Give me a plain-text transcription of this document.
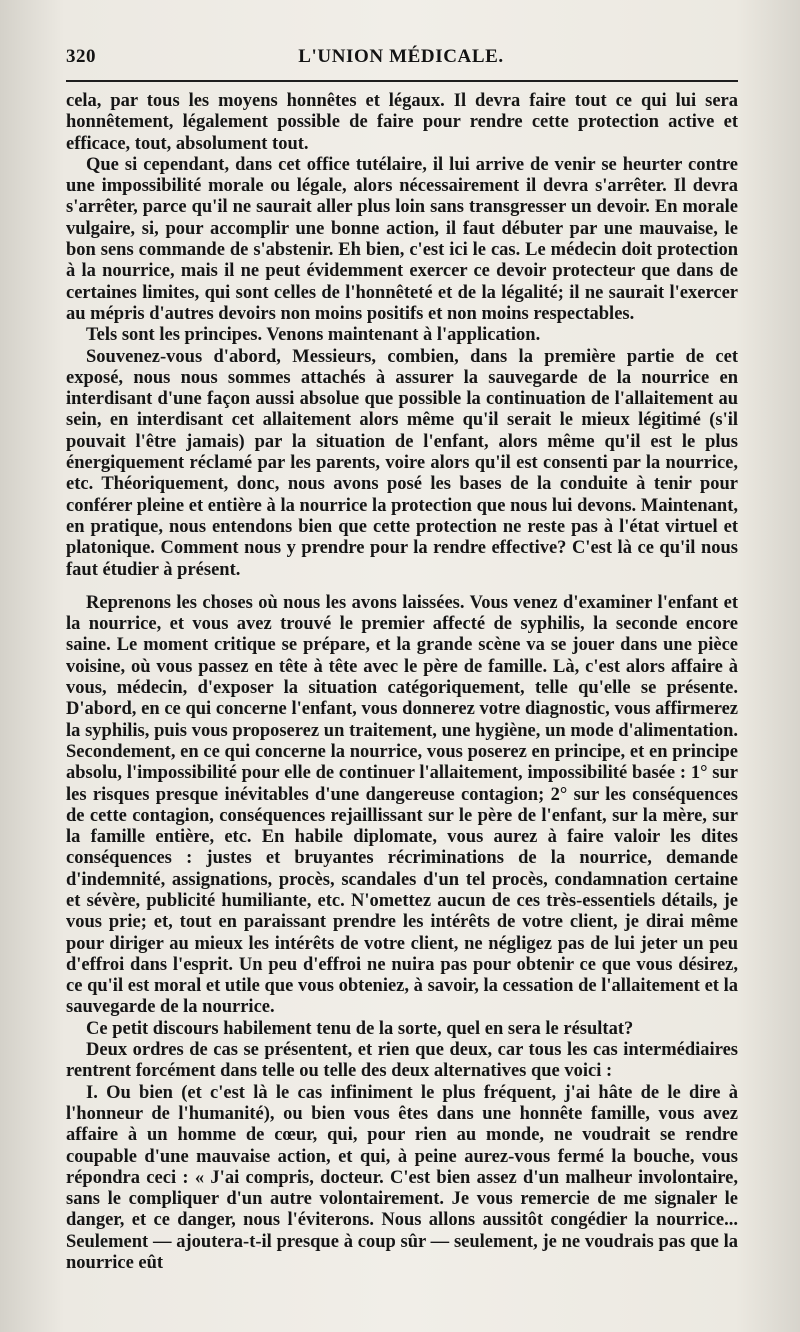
L'UNION MÉDICALE.
320

cela, par tous les moyens honnêtes et légaux. Il devra faire tout ce qui lui sera honnêtement, légalement possible de faire pour rendre cette protection active et efficace, tout, absolument tout.

Que si cependant, dans cet office tutélaire, il lui arrive de venir se heurter contre une impossibilité morale ou légale, alors nécessairement il devra s'arrêter. Il devra s'arrêter, parce qu'il ne saurait aller plus loin sans transgresser un devoir. En morale vulgaire, si, pour accomplir une bonne action, il faut débuter par une mauvaise, le bon sens commande de s'abstenir. Eh bien, c'est ici le cas. Le médecin doit protection à la nourrice, mais il ne peut évidemment exercer ce devoir protecteur que dans de certaines limites, qui sont celles de l'honnêteté et de la légalité; il ne saurait l'exercer au mépris d'autres devoirs non moins positifs et non moins respectables.

Tels sont les principes. Venons maintenant à l'application.

Souvenez-vous d'abord, Messieurs, combien, dans la première partie de cet exposé, nous nous sommes attachés à assurer la sauvegarde de la nourrice en interdisant d'une façon aussi absolue que possible la continuation de l'allaitement au sein, en interdisant cet allaitement alors même qu'il serait le mieux légitimé (s'il pouvait l'être jamais) par la situation de l'enfant, alors même qu'il est le plus énergiquement réclamé par les parents, voire alors qu'il est consenti par la nourrice, etc. Théoriquement, donc, nous avons posé les bases de la conduite à tenir pour conférer pleine et entière à la nourrice la protection que nous lui devons. Maintenant, en pratique, nous entendons bien que cette protection ne reste pas à l'état virtuel et platonique. Comment nous y prendre pour la rendre effective? C'est là ce qu'il nous faut étudier à présent.

Reprenons les choses où nous les avons laissées. Vous venez d'examiner l'enfant et la nourrice, et vous avez trouvé le premier affecté de syphilis, la seconde encore saine. Le moment critique se prépare, et la grande scène va se jouer dans une pièce voisine, où vous passez en tête à tête avec le père de famille. Là, c'est alors affaire à vous, médecin, d'exposer la situation catégoriquement, telle qu'elle se présente. D'abord, en ce qui concerne l'enfant, vous donnerez votre diagnostic, vous affirmerez la syphilis, puis vous proposerez un traitement, une hygiène, un mode d'alimentation. Secondement, en ce qui concerne la nourrice, vous poserez en principe, et en principe absolu, l'impossibilité pour elle de continuer l'allaitement, impossibilité basée : 1° sur les risques presque inévitables d'une dangereuse contagion; 2° sur les conséquences de cette contagion, conséquences rejaillissant sur le père de l'enfant, sur la mère, sur la famille entière, etc. En habile diplomate, vous aurez à faire valoir les dites conséquences : justes et bruyantes récriminations de la nourrice, demande d'indemnité, assignations, procès, scandales d'un tel procès, condamnation certaine et sévère, publicité humiliante, etc. N'omettez aucun de ces très-essentiels détails, je vous prie; et, tout en paraissant prendre les intérêts de votre client, je dirai même pour diriger au mieux les intérêts de votre client, ne négligez pas de lui jeter un peu d'effroi dans l'esprit. Un peu d'effroi ne nuira pas pour obtenir ce que vous désirez, ce qu'il est moral et utile que vous obteniez, à savoir, la cessation de l'allaitement et la sauvegarde de la nourrice.

Ce petit discours habilement tenu de la sorte, quel en sera le résultat?

Deux ordres de cas se présentent, et rien que deux, car tous les cas intermédiaires rentrent forcément dans telle ou telle des deux alternatives que voici :

I. Ou bien (et c'est là le cas infiniment le plus fréquent, j'ai hâte de le dire à l'honneur de l'humanité), ou bien vous êtes dans une honnête famille, vous avez affaire à un homme de cœur, qui, pour rien au monde, ne voudrait se rendre coupable d'une mauvaise action, et qui, à peine aurez-vous fermé la bouche, vous répondra ceci : « J'ai compris, docteur. C'est bien assez d'un malheur involontaire, sans le compliquer d'un autre volontairement. Je vous remercie de me signaler le danger, et ce danger, nous l'éviterons. Nous allons aussitôt congédier la nourrice... Seulement — ajoutera-t-il presque à coup sûr — seulement, je ne voudrais pas que la nourrice eût
